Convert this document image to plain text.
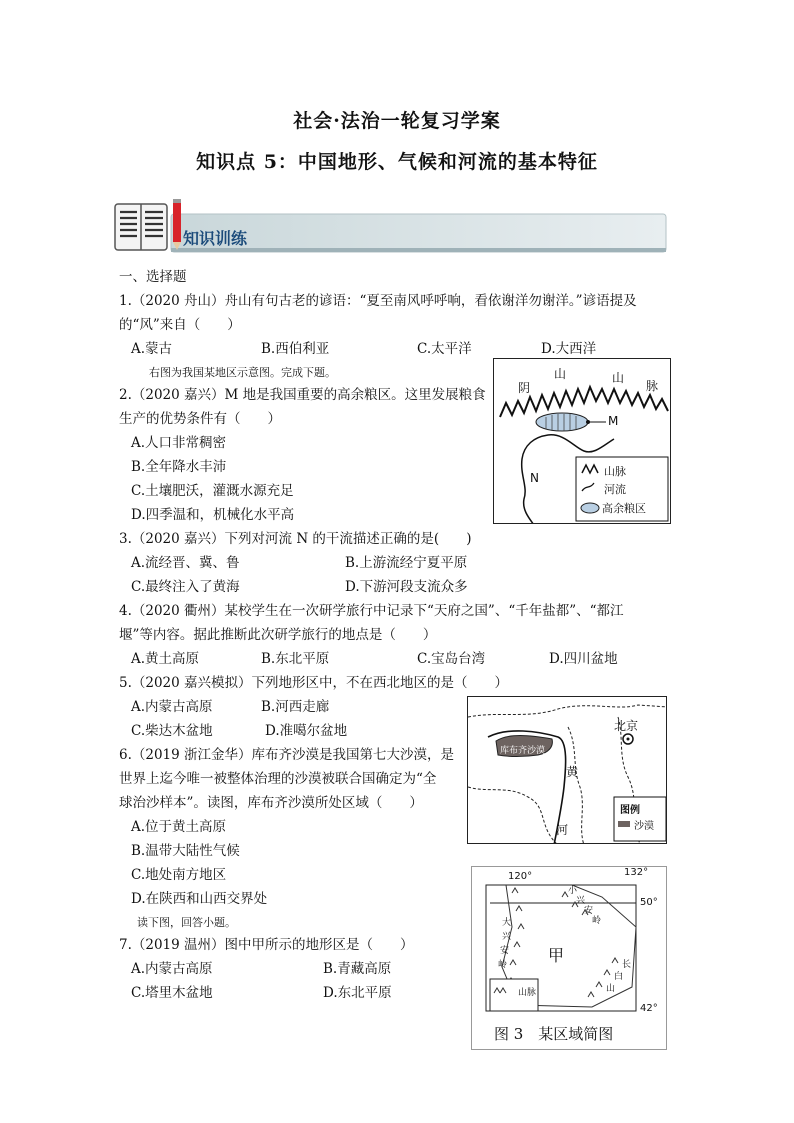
社会·法治一轮复习学案
知识点 5：中国地形、气候和河流的基本特征
知识训练
一、选择题
1.（2020 舟山）舟山有句古老的谚语：“夏至南风呼呼响，看依谢洋勿谢洋。”谚语提及
的“风”来自（　　）
A.蒙古	B.西伯利亚	C.太平洋	D.大西洋
右图为我国某地区示意图。完成下题。
2.（2020 嘉兴）M 地是我国重要的高余粮区。这里发展粮食
生产的优势条件有（　　）
A.人口非常稠密
B.全年降水丰沛
C.土壤肥沃，灌溉水源充足
D.四季温和，机械化水平高
3.（2020 嘉兴）下列对河流 N 的干流描述正确的是(　　)
A.流经晋、冀、鲁	B.上游流经宁夏平原
C.最终注入了黄海	D.下游河段支流众多
4.（2020 衢州）某校学生在一次研学旅行中记录下“天府之国”、“千年盐都”、“都江
堰”等内容。据此推断此次研学旅行的地点是（　　）
A.黄土高原	B.东北平原	C.宝岛台湾	D.四川盆地
5.（2020 嘉兴模拟）下列地形区中，不在西北地区的是（　　）
A.内蒙古高原	B.河西走廊
C.柴达木盆地	D.准噶尔盆地
6.（2019 浙江金华）库布齐沙漠是我国第七大沙漠，是
世界上迄今唯一被整体治理的沙漠被联合国确定为“全
球治沙样本”。读图，库布齐沙漠所处区域（　　）
A.位于黄土高原
B.温带大陆性气候
C.地处南方地区
D.在陕西和山西交界处
读下图，回答小题。
7.（2019 温州）图中甲所示的地形区是（　　）
A.内蒙古高原	B.青藏高原
C.塔里木盆地	D.东北平原
阴
山	山
脉
M
N	山脉
河流
高余粮区
库布齐沙漠
北京
黄
河
图例
沙漠
120°	132°
50°
42°
甲
山脉
大
兴
安
岭
小
兴
安
岭
长
白
山
图 3　某区域简图
